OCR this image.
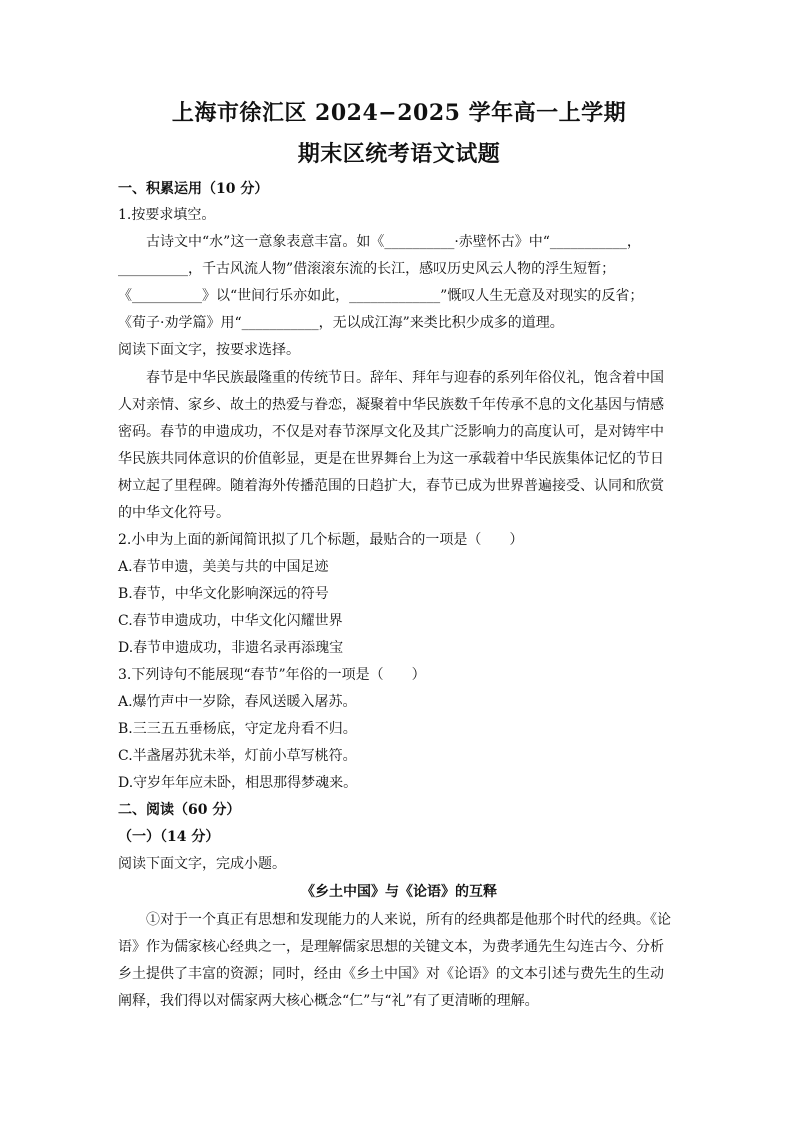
上海市徐汇区 2024−2025 学年高一上学期
期末区统考语文试题
一、积累运用（10 分）
1.按要求填空。
古诗文中“水”这一意象表意丰富。如《__________·赤壁怀古》中“___________，
__________，千古风流人物”借滚滚东流的长江，感叹历史风云人物的浮生短暂；
《__________》以“世间行乐亦如此，_____________”慨叹人生无意及对现实的反省；
《荀子·劝学篇》用“___________，无以成江海”来类比积少成多的道理。
阅读下面文字，按要求选择。
春节是中华民族最隆重的传统节日。辞年、拜年与迎春的系列年俗仪礼，饱含着中国
人对亲情、家乡、故土的热爱与眷恋，凝聚着中华民族数千年传承不息的文化基因与情感
密码。春节的申遗成功，不仅是对春节深厚文化及其广泛影响力的高度认可，是对铸牢中
华民族共同体意识的价值彰显，更是在世界舞台上为这一承载着中华民族集体记忆的节日
树立起了里程碑。随着海外传播范围的日趋扩大，春节已成为世界普遍接受、认同和欣赏
的中华文化符号。
2.小申为上面的新闻简讯拟了几个标题，最贴合的一项是（　　）
A.春节申遗，美美与共的中国足迹
B.春节，中华文化影响深远的符号
C.春节申遗成功，中华文化闪耀世界
D.春节申遗成功，非遗名录再添瑰宝
3.下列诗句不能展现“春节”年俗的一项是（　　）
A.爆竹声中一岁除，春风送暖入屠苏。
B.三三五五垂杨底，守定龙舟看不归。
C.半盏屠苏犹未举，灯前小草写桃符。
D.守岁年年应未卧，相思那得梦魂来。
二、阅读（60 分）
（一）（14 分）
阅读下面文字，完成小题。
《乡土中国》与《论语》的互释
①对于一个真正有思想和发现能力的人来说，所有的经典都是他那个时代的经典。《论
语》作为儒家核心经典之一，是理解儒家思想的关键文本，为费孝通先生勾连古今、分析
乡土提供了丰富的资源；同时，经由《乡土中国》对《论语》的文本引述与费先生的生动
阐释，我们得以对儒家两大核心概念“仁”与“礼”有了更清晰的理解。
